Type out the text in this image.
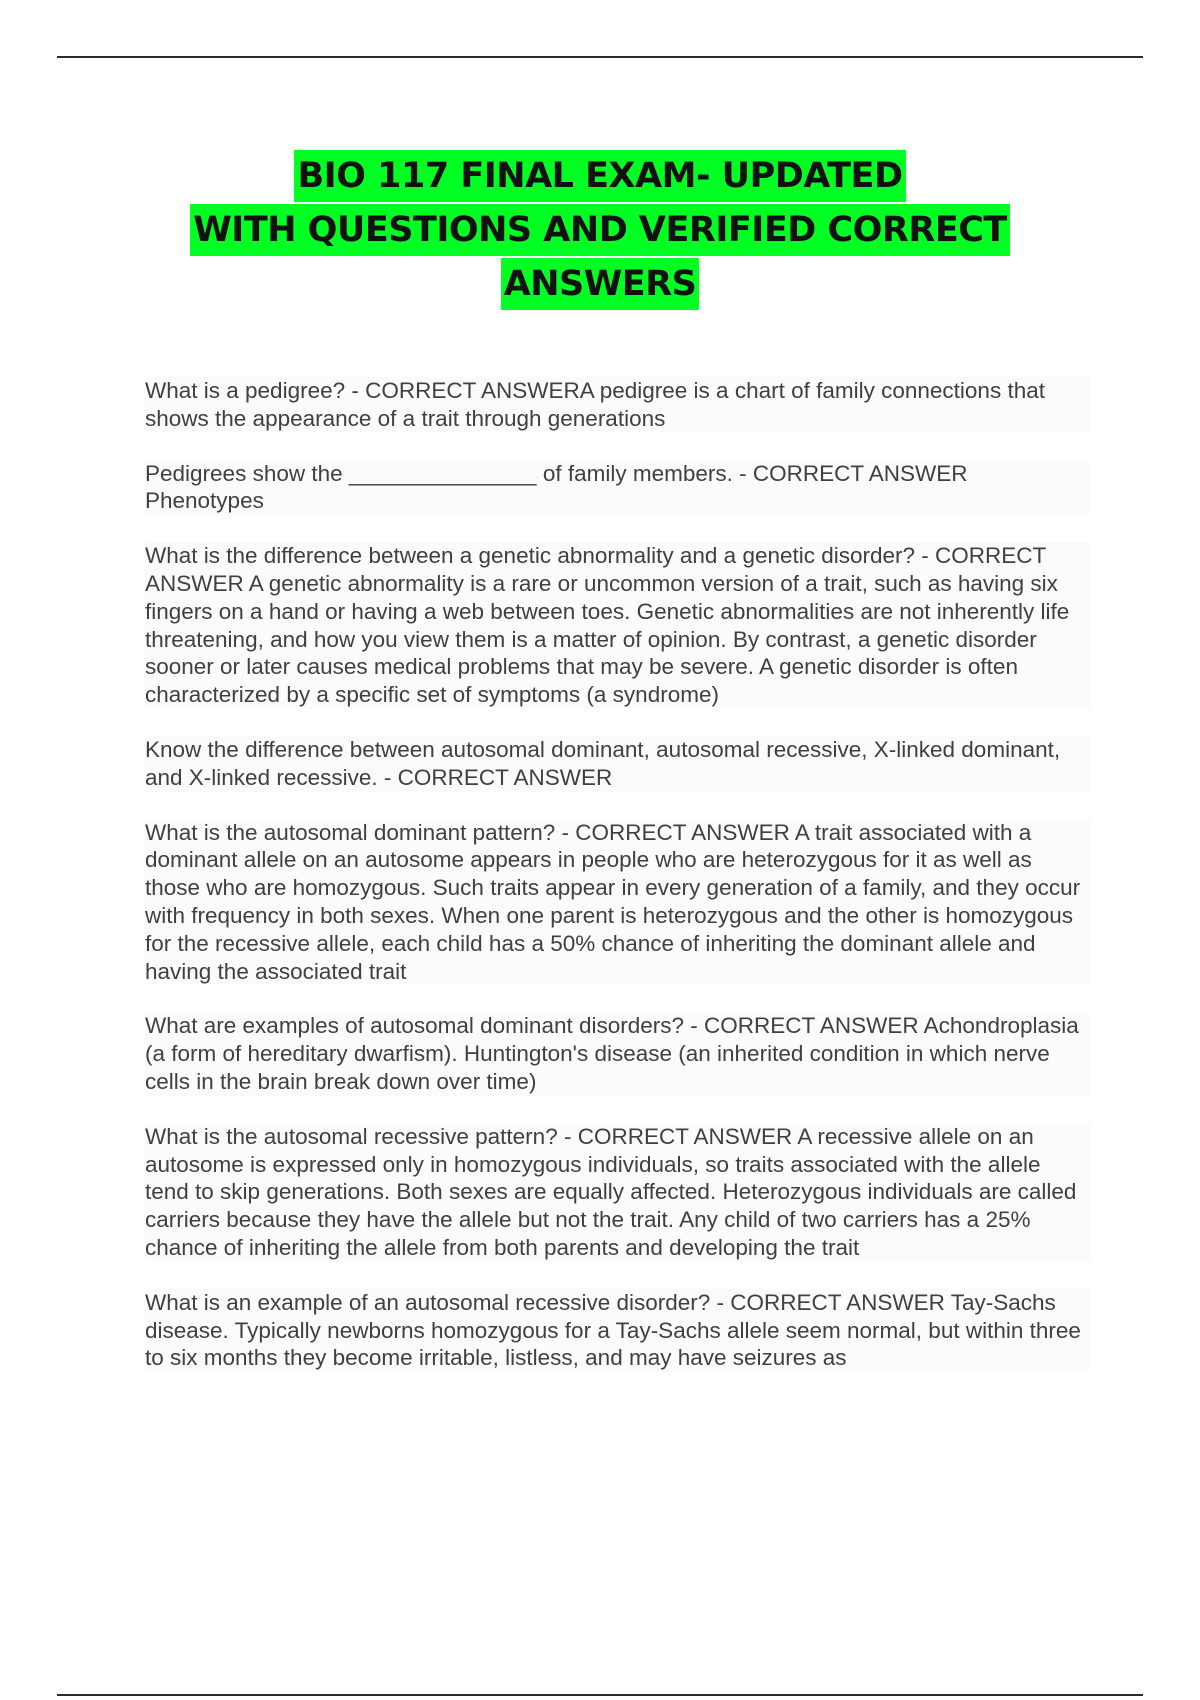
BIO 117 FINAL EXAM- UPDATED
WITH QUESTIONS AND VERIFIED CORRECT
ANSWERS

What is a pedigree? - CORRECT ANSWERA pedigree is a chart of family connections that shows the appearance of a trait through generations

Pedigrees show the _______________ of family members. - CORRECT ANSWER Phenotypes

What is the difference between a genetic abnormality and a genetic disorder? - CORRECT ANSWER A genetic abnormality is a rare or uncommon version of a trait, such as having six fingers on a hand or having a web between toes. Genetic abnormalities are not inherently life threatening, and how you view them is a matter of opinion. By contrast, a genetic disorder sooner or later causes medical problems that may be severe. A genetic disorder is often characterized by a specific set of symptoms (a syndrome)

Know the difference between autosomal dominant, autosomal recessive, X-linked dominant, and X-linked recessive. - CORRECT ANSWER

What is the autosomal dominant pattern? - CORRECT ANSWER A trait associated with a dominant allele on an autosome appears in people who are heterozygous for it as well as those who are homozygous. Such traits appear in every generation of a family, and they occur with frequency in both sexes. When one parent is heterozygous and the other is homozygous for the recessive allele, each child has a 50% chance of inheriting the dominant allele and having the associated trait

What are examples of autosomal dominant disorders? - CORRECT ANSWER Achondroplasia (a form of hereditary dwarfism). Huntington's disease (an inherited condition in which nerve cells in the brain break down over time)

What is the autosomal recessive pattern? - CORRECT ANSWER A recessive allele on an autosome is expressed only in homozygous individuals, so traits associated with the allele tend to skip generations. Both sexes are equally affected. Heterozygous individuals are called carriers because they have the allele but not the trait. Any child of two carriers has a 25% chance of inheriting the allele from both parents and developing the trait

What is an example of an autosomal recessive disorder? - CORRECT ANSWER Tay-Sachs disease. Typically newborns homozygous for a Tay-Sachs allele seem normal, but within three to six months they become irritable, listless, and may have seizures as
